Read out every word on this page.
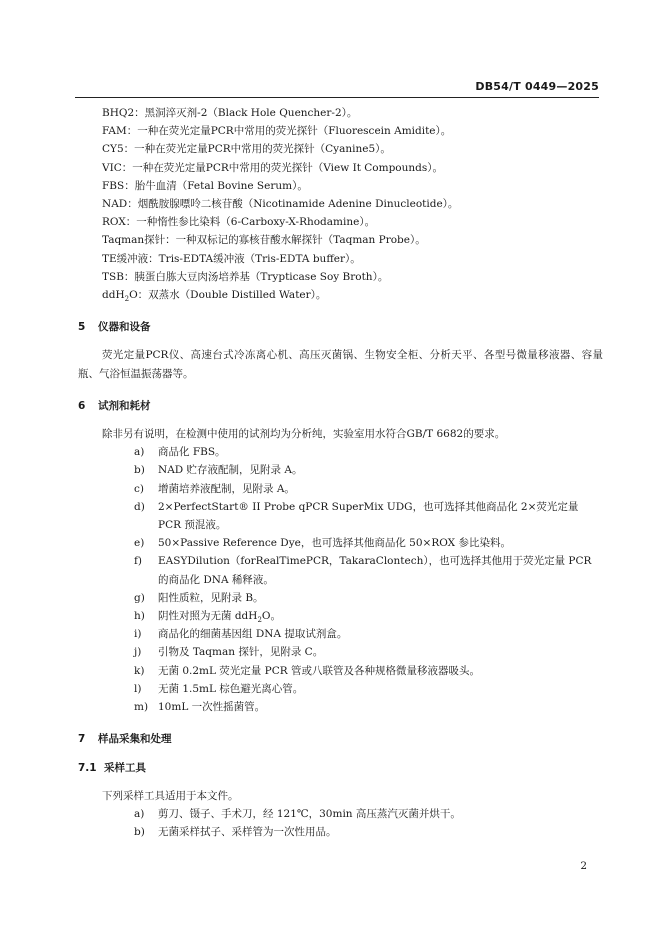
DB54/T 0449—2025
BHQ2：黑洞淬灭剂-2（Black Hole Quencher-2）。
FAM：一种在荧光定量PCR中常用的荧光探针（Fluorescein Amidite）。
CY5：一种在荧光定量PCR中常用的荧光探针（Cyanine5）。
VIC：一种在荧光定量PCR中常用的荧光探针（View It Compounds）。
FBS：胎牛血清（Fetal Bovine Serum）。
NAD：烟酰胺腺嘌呤二核苷酸（Nicotinamide Adenine Dinucleotide）。
ROX：一种惰性参比染料（6-Carboxy-X-Rhodamine）。
Taqman探针：一种双标记的寡核苷酸水解探针（Taqman Probe）。
TE缓冲液：Tris-EDTA缓冲液（Tris-EDTA buffer）。
TSB：胰蛋白胨大豆肉汤培养基（Trypticase Soy Broth）。
ddH$_2$O：双蒸水（Double Distilled Water）。
5 仪器和设备
荧光定量PCR仪、高速台式冷冻离心机、高压灭菌锅、生物安全柜、分析天平、各型号微量移液器、容量瓶、气浴恒温振荡器等。
6 试剂和耗材
除非另有说明，在检测中使用的试剂均为分析纯，实验室用水符合GB/T 6682的要求。
a) 商品化 FBS。
b) NAD 贮存液配制，见附录 A。
c) 增菌培养液配制，见附录 A。
d) 2×PerfectStart® II Probe qPCR SuperMix UDG，也可选择其他商品化 2×荧光定量 PCR 预混液。
e) 50×Passive Reference Dye，也可选择其他商品化 50×ROX 参比染料。
f) EASYDilution（forRealTimePCR，TakaraClontech），也可选择其他用于荧光定量 PCR 的商品化 DNA 稀释液。
g) 阳性质粒，见附录 B。
h) 阴性对照为无菌 ddH$_2$O。
i) 商品化的细菌基因组 DNA 提取试剂盒。
j) 引物及 Taqman 探针，见附录 C。
k) 无菌 0.2mL 荧光定量 PCR 管或八联管及各种规格微量移液器吸头。
l) 无菌 1.5mL 棕色避光离心管。
m) 10mL 一次性摇菌管。
7 样品采集和处理
7.1 采样工具
下列采样工具适用于本文件。
a) 剪刀、镊子、手术刀，经 121℃，30min 高压蒸汽灭菌并烘干。
b) 无菌采样拭子、采样管为一次性用品。
2
